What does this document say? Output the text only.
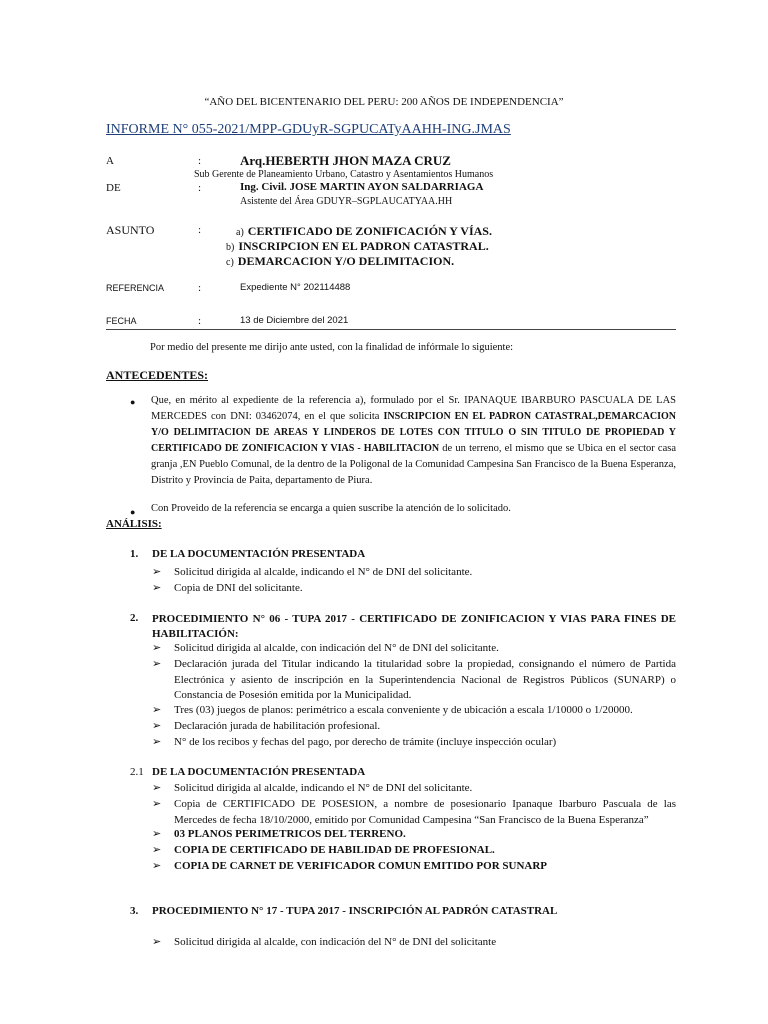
“AÑO DEL BICENTENARIO DEL PERU: 200 AÑOS DE INDEPENDENCIA”
INFORME N° 055-2021/MPP-GDUyR-SGPUCATyAAHH-ING.JMAS
A	:	Arq.HEBERTH JHON MAZA CRUZ
Sub Gerente de Planeamiento Urbano, Catastro y Asentamientos Humanos
DE	:	Ing. Civil. JOSE MARTIN AYON SALDARRIAGA
Asistente del Área GDUYR–SGPLAUCATYAA.HH
ASUNTO	:	a) CERTIFICADO DE ZONIFICACIÓN Y VÍAS.
b) INSCRIPCION EN EL PADRON CATASTRAL.
c) DEMARCACION Y/O DELIMITACION.
REFERENCIA	:	Expediente N° 202114488
FECHA	:	13 de Diciembre del 2021
Por medio del presente me dirijo ante usted, con la finalidad de infórmale lo siguiente:
ANTECEDENTES:
● Que, en mérito al expediente de la referencia a), formulado por el Sr. IPANAQUE IBARBURO PASCUALA DE LAS MERCEDES con DNI: 03462074, en el que solicita INSCRIPCION EN EL PADRON CATASTRAL,DEMARCACION Y/O DELIMITACION DE AREAS Y LINDEROS DE LOTES CON TITULO O SIN TITULO DE PROPIEDAD Y CERTIFICADO DE ZONIFICACION Y VIAS - HABILITACION de un terreno, el mismo que se Ubica en el sector casa granja ,EN Pueblo Comunal, de la dentro de la Poligonal de la Comunidad Campesina San Francisco de la Buena Esperanza, Distrito y Provincia de Paita, departamento de Piura.
● Con Proveido de la referencia se encarga a quien suscribe la atención de lo solicitado.
ANÁLISIS:
1. DE LA DOCUMENTACIÓN PRESENTADA
➢ Solicitud dirigida al alcalde, indicando el N° de DNI del solicitante.
➢ Copia de DNI del solicitante.
2. PROCEDIMIENTO N° 06 - TUPA 2017 - CERTIFICADO DE ZONIFICACION Y VIAS PARA FINES DE HABILITACIÓN:
➢ Solicitud dirigida al alcalde, con indicación del N° de DNI del solicitante.
➢ Declaración jurada del Titular indicando la titularidad sobre la propiedad, consignando el número de Partida Electrónica y asiento de inscripción en la Superintendencia Nacional de Registros Públicos (SUNARP) o Constancia de Posesión emitida por la Municipalidad.
➢ Tres (03) juegos de planos: perimétrico a escala conveniente y de ubicación a escala 1/10000 o 1/20000.
➢ Declaración jurada de habilitación profesional.
➢ N° de los recibos y fechas del pago, por derecho de trámite (incluye inspección ocular)
2.1 DE LA DOCUMENTACIÓN PRESENTADA
➢ Solicitud dirigida al alcalde, indicando el N° de DNI del solicitante.
➢ Copia de CERTIFICADO DE POSESION, a nombre de posesionario Ipanaque Ibarburo Pascuala de las Mercedes de fecha 18/10/2000, emitido por Comunidad Campesina “San Francisco de la Buena Esperanza”
➢ 03 PLANOS PERIMETRICOS DEL TERRENO.
➢ COPIA DE CERTIFICADO DE HABILIDAD DE PROFESIONAL.
➢ COPIA DE CARNET DE VERIFICADOR COMUN EMITIDO POR SUNARP
3. PROCEDIMIENTO N° 17 - TUPA 2017 - INSCRIPCIÓN AL PADRÓN CATASTRAL
➢ Solicitud dirigida al alcalde, con indicación del N° de DNI del solicitante
